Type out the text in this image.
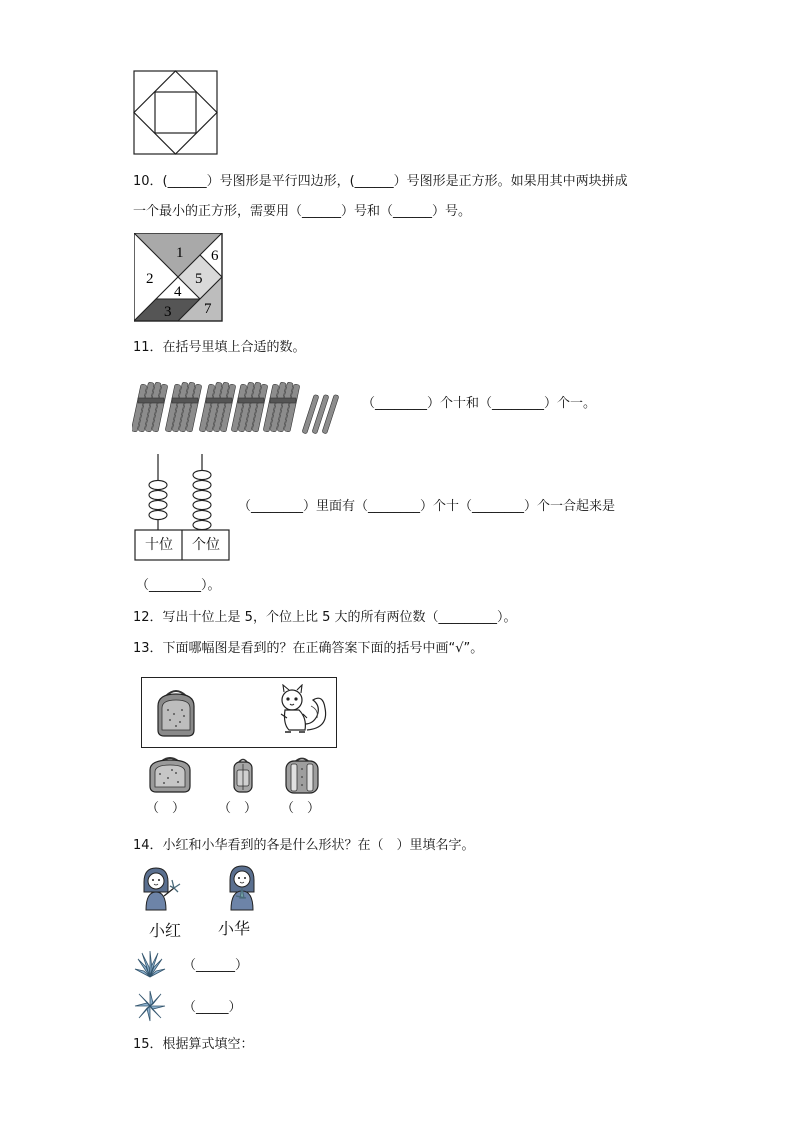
10．(______）号图形是平行四边形，(______）号图形是正方形。如果用其中两块拼成
一个最小的正方形，需要用（______）号和（______）号。
1
2
3
4
5
6
7
11．在括号里填上合适的数。
（________）个十和（________）个一。
十位	个位
（________）里面有（________）个十（________）个一合起来是
（________）。
12．写出十位上是 5，个位上比 5 大的所有两位数（_________）。
13．下面哪幅图是看到的？在正确答案下面的括号中画“√”。
（　）	（　） （　）
14．小红和小华看到的各是什么形状？在（　）里填名字。
小红 小华
（______）
（_____）
15．根据算式填空：
